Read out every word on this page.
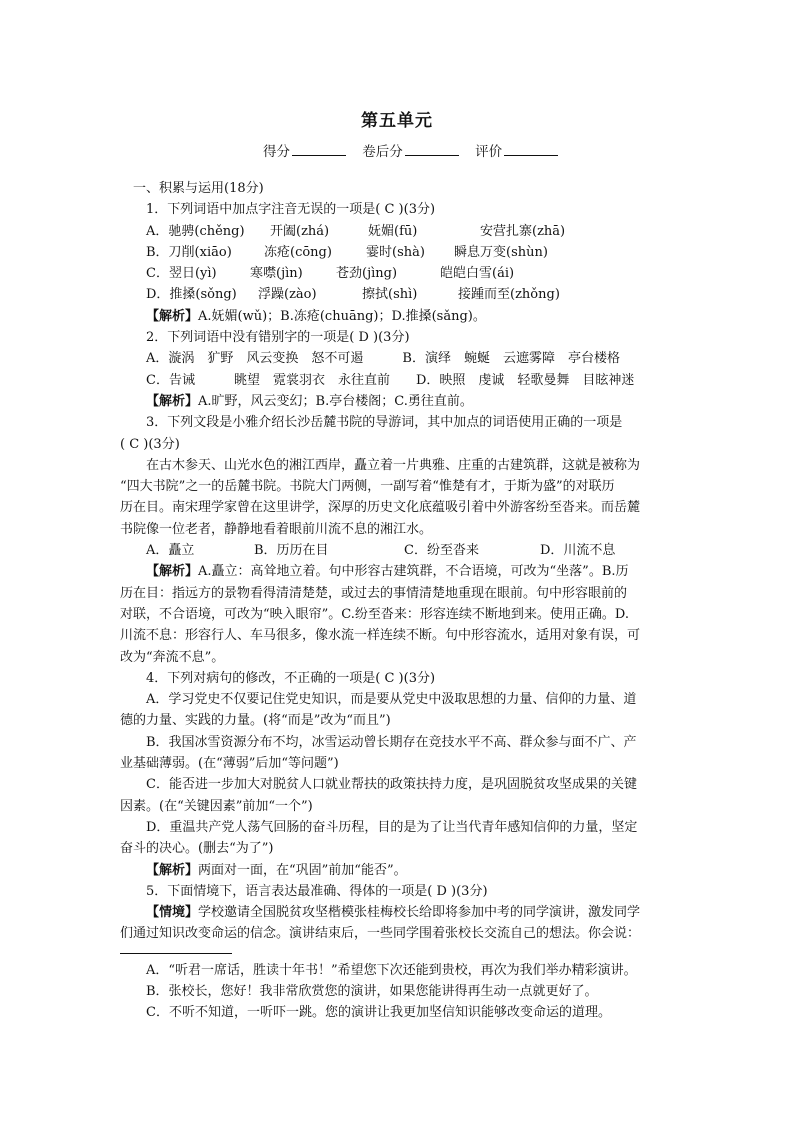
第五单元
得分	卷后分	评价
一、积累与运用(18分)
1．下列词语中加点字注音无误的一项是( C )(3分)
A．驰骋(chěng) 开阖(zhá)	妩媚(fū)	安营扎寨(zhā)
B．刀削(xiāo) 冻疮(cōng)	霎时(shà) 瞬息万变(shùn)
C．翌日(yì)	寒噤(jìn)	苍劲(jìng)	皑皑白雪(ái)
D．推搡(sǒng) 浮躁(zào)	擦拭(shì)	接踵而至(zhǒng)
【解析】A.妩媚(wǔ)；B.冻疮(chuāng)；D.推搡(sǎng)。
2．下列词语中没有错别字的一项是( D )(3分)
A．漩涡　犷野　风云变换　怒不可遏　　　B．演绎　蜿蜒　云遮雾障　亭台楼格
C．告诫　　　眺望　霓裳羽衣　永往直前　　D．映照　虔诚　轻歌曼舞　目眩神迷
【解析】A.旷野，风云变幻；B.亭台楼阁；C.勇往直前。
3．下列文段是小雅介绍长沙岳麓书院的导游词，其中加点的词语使用正确的一项是
( C )(3分)
在古木参天、山光水色的湘江西岸，矗立着一片典雅、庄重的古建筑群，这就是被称为
“四大书院”之一的岳麓书院。书院大门两侧，一副写着“惟楚有才，于斯为盛”的对联历
历在目。南宋理学家曾在这里讲学，深厚的历史文化底蕴吸引着中外游客纷至沓来。而岳麓
书院像一位老者，静静地看着眼前川流不息的湘江水。
A．矗立	B．历历在目	C．纷至沓来	D．川流不息
【解析】A.矗立：高耸地立着。句中形容古建筑群，不合语境，可改为“坐落”。B.历
历在目：指远方的景物看得清清楚楚，或过去的事情清楚地重现在眼前。句中形容眼前的
对联，不合语境，可改为“映入眼帘”。C.纷至沓来：形容连续不断地到来。使用正确。D.
川流不息：形容行人、车马很多，像水流一样连续不断。句中形容流水，适用对象有误，可
改为“奔流不息”。
4．下列对病句的修改，不正确的一项是( C )(3分)
A．学习党史不仅要记住党史知识，而是要从党史中汲取思想的力量、信仰的力量、道
德的力量、实践的力量。(将“而是”改为“而且”)
B．我国冰雪资源分布不均，冰雪运动曾长期存在竞技水平不高、群众参与面不广、产
业基础薄弱。(在“薄弱”后加“等问题”)
C．能否进一步加大对脱贫人口就业帮扶的政策扶持力度，是巩固脱贫攻坚成果的关键
因素。(在“关键因素”前加“一个”)
D．重温共产党人荡气回肠的奋斗历程，目的是为了让当代青年感知信仰的力量，坚定
奋斗的决心。(删去“为了”)
【解析】两面对一面，在“巩固”前加“能否”。
5．下面情境下，语言表达最准确、得体的一项是( D )(3分)
【情境】学校邀请全国脱贫攻坚楷模张桂梅校长给即将参加中考的同学演讲，激发同学
们通过知识改变命运的信念。演讲结束后，一些同学围着张校长交流自己的想法。你会说：
A．“听君一席话，胜读十年书！”希望您下次还能到贵校，再次为我们举办精彩演讲。
B．张校长，您好！我非常欣赏您的演讲，如果您能讲得再生动一点就更好了。
C．不听不知道，一听吓一跳。您的演讲让我更加坚信知识能够改变命运的道理。
